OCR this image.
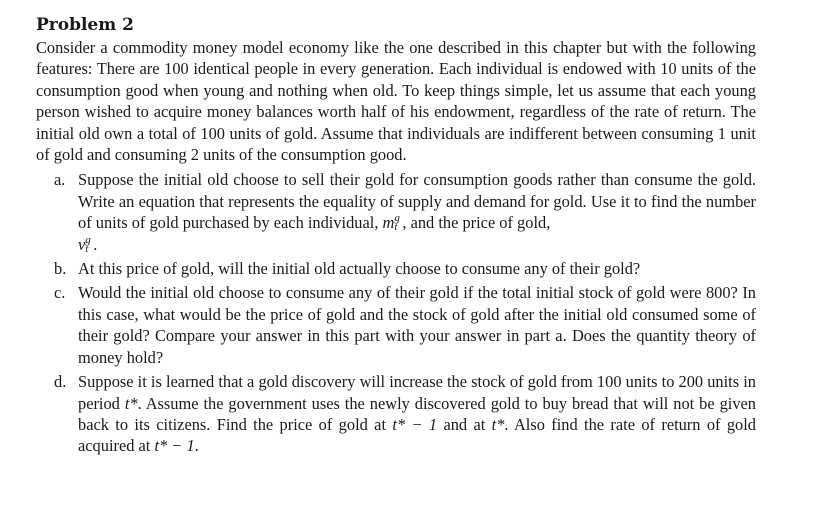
Problem 2

Consider a commodity money model economy like the one described in this chapter but with the following features: There are 100 identical people in every generation. Each individual is endowed with 10 units of the consumption good when young and nothing when old. To keep things simple, let us assume that each young person wished to acquire money balances worth half of his endowment, regardless of the rate of return. The initial old own a total of 100 units of gold. Assume that individuals are indifferent between consuming 1 unit of gold and consuming 2 units of the consumption good.

a. Suppose the initial old choose to sell their gold for consumption goods rather than consume the gold. Write an equation that represents the equality of supply and demand for gold. Use it to find the number of units of gold purchased by each individual, m g
t , and the price of gold,
v g
t .
b. At this price of gold, will the initial old actually choose to consume any of their gold?
c. Would the initial old choose to consume any of their gold if the total initial stock of gold were 800? In this case, what would be the price of gold and the stock of gold after the initial old consumed some of their gold? Compare your answer in this part with your answer in part a. Does the quantity theory of money hold?
d. Suppose it is learned that a gold discovery will increase the stock of gold from 100 units to 200 units in period t*. Assume the government uses the newly discovered gold to buy bread that will not be given back to its citizens. Find the price of gold at t* − 1 and at t*. Also find the rate of return of gold acquired at t* − 1.
